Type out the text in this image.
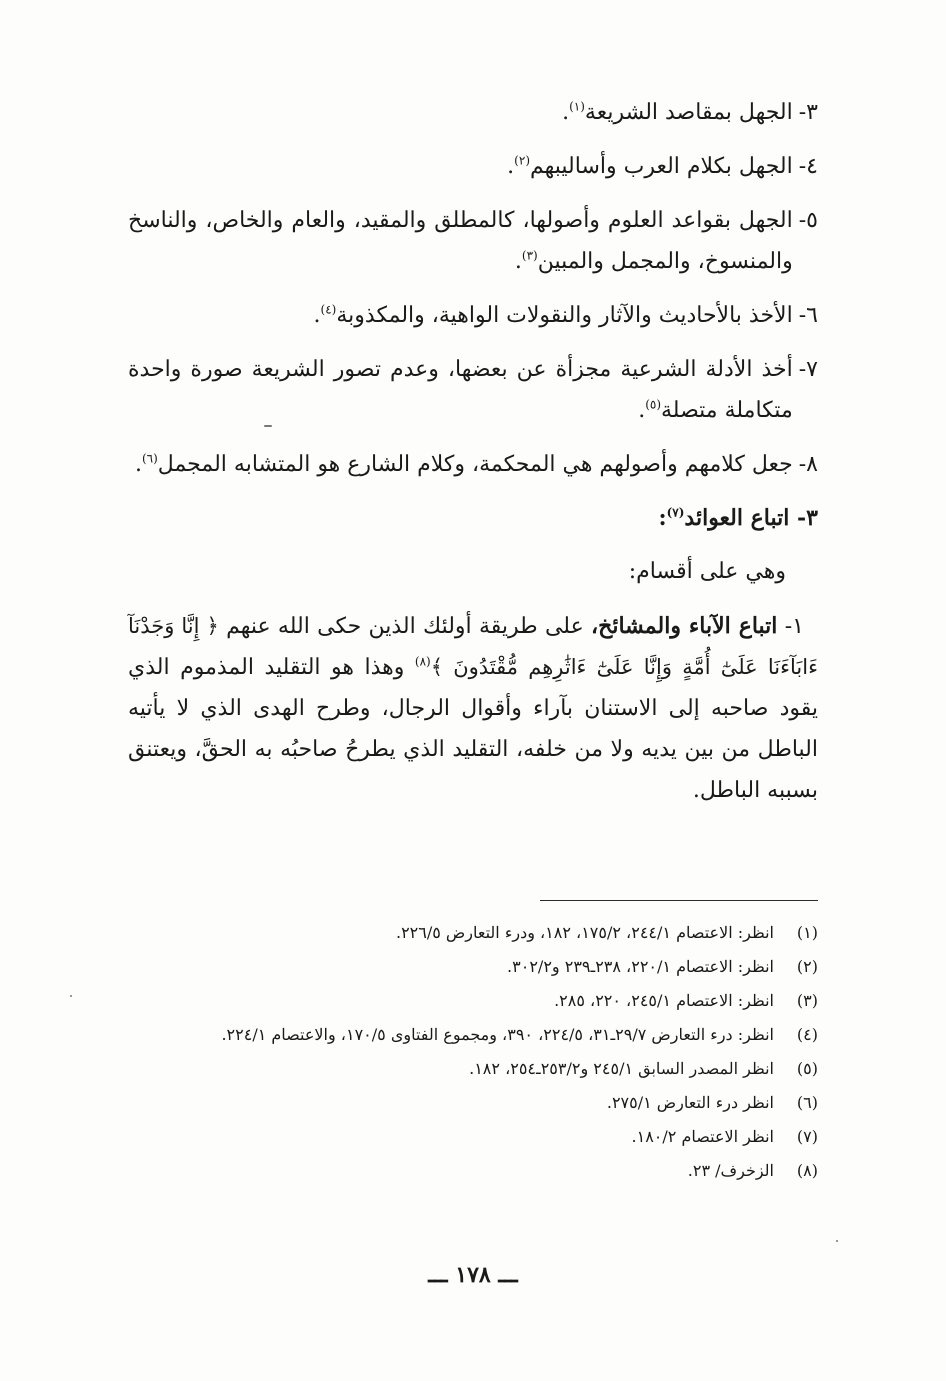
٣-
الجهل بمقاصد الشريعة$^{(١)}$.
٤-
الجهل بكلام العرب وأساليبهم$^{(٢)}$.
٥-
الجهل بقواعد العلوم وأصولها، كالمطلق والمقيد، والعام والخاص، والناسخ والمنسوخ، والمجمل والمبين$^{(٣)}$.
٦-
الأخذ بالأحاديث والآثار والنقولات الواهية، والمكذوبة$^{(٤)}$.
٧-
أخذ الأدلة الشرعية مجزأة عن بعضها، وعدم تصور الشريعة صورة واحدة متكاملة متصلة$^{(٥)}$.
٨-
جعل كلامهم وأصولهم هي المحكمة، وكلام الشارع هو المتشابه المجمل$^{(٦)}$.
٣- اتباع العوائد$^{(٧)}$:
وهي على أقسام:
١- اتباع الآباء والمشائخ، على طريقة أولئك الذين حكى الله عنهم ﴿ إِنَّا وَجَدْنَآ ءَابَآءَنَا عَلَىٰٓ أُمَّةٍ وَإِنَّا عَلَىٰٓ ءَاثَٰرِهِم مُّقْتَدُونَ ﴾$^{(٨)}$ وهذا هو التقليد المذموم الذي يقود صاحبه إلى الاستنان بآراء وأقوال الرجال، وطرح الهدى الذي لا يأتيه الباطل من بين يديه ولا من خلفه، التقليد الذي يطرحُ صاحبُه به الحقَّ، ويعتنق بسببه الباطل.
(١)
انظر: الاعتصام ٢٤٤/١، ١٧٥/٢، ١٨٢، ودرء التعارض ٢٢٦/٥.
(٢)
انظر: الاعتصام ٢٢٠/١، ٢٣٨ـ٢٣٩ و٣٠٢/٢.
(٣)
انظر: الاعتصام ٢٤٥/١، ٢٢٠، ٢٨٥.
(٤)
انظر: درء التعارض ٢٩/٧ـ٣١، ٢٢٤/٥، ٣٩٠، ومجموع الفتاوى ١٧٠/٥، والاعتصام ٢٢٤/١.
(٥)
انظر المصدر السابق ٢٤٥/١ و٢٥٣/٢ـ٢٥٤، ١٨٢.
(٦)
انظر درء التعارض ٢٧٥/١.
(٧)
انظر الاعتصام ١٨٠/٢.
(٨)
الزخرف/ ٢٣.
ـــ ١٧٨ ـــ
